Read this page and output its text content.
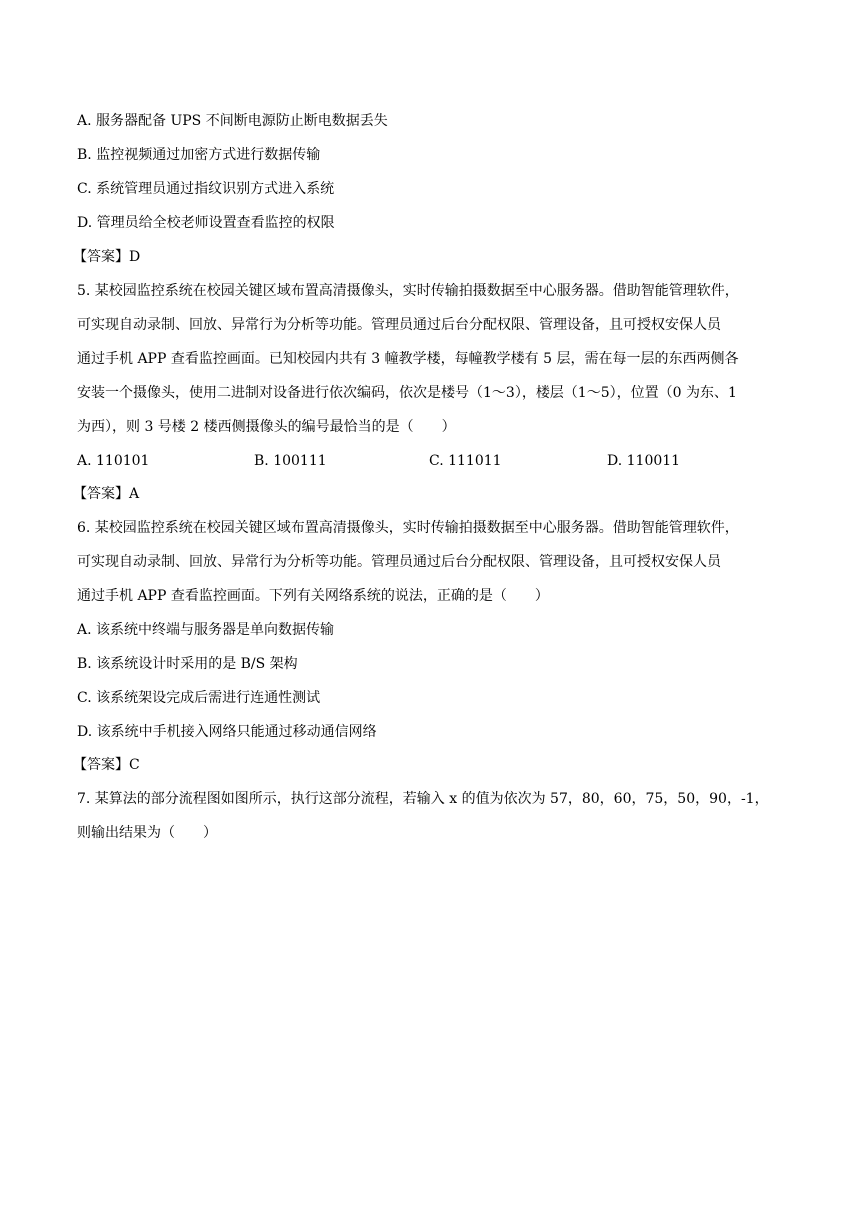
A. 服务器配备 UPS 不间断电源防止断电数据丢失
B. 监控视频通过加密方式进行数据传输
C. 系统管理员通过指纹识别方式进入系统
D. 管理员给全校老师设置查看监控的权限
【答案】D
5. 某校园监控系统在校园关键区域布置高清摄像头，实时传输拍摄数据至中心服务器。借助智能管理软件，
可实现自动录制、回放、异常行为分析等功能。管理员通过后台分配权限、管理设备，且可授权安保人员
通过手机 APP 查看监控画面。已知校园内共有 3 幢教学楼，每幢教学楼有 5 层，需在每一层的东西两侧各
安装一个摄像头，使用二进制对设备进行依次编码，依次是楼号（1～3），楼层（1～5），位置（0 为东、1
为西），则 3 号楼 2 楼西侧摄像头的编号最恰当的是（　　）
A. 110101	B. 100111	C. 111011	D. 110011
【答案】A
6. 某校园监控系统在校园关键区域布置高清摄像头，实时传输拍摄数据至中心服务器。借助智能管理软件，
可实现自动录制、回放、异常行为分析等功能。管理员通过后台分配权限、管理设备，且可授权安保人员
通过手机 APP 查看监控画面。下列有关网络系统的说法，正确的是（　　）
A. 该系统中终端与服务器是单向数据传输
B. 该系统设计时采用的是 B/S 架构
C. 该系统架设完成后需进行连通性测试
D. 该系统中手机接入网络只能通过移动通信网络
【答案】C
7. 某算法的部分流程图如图所示，执行这部分流程，若输入 x 的值为依次为 57，80，60，75，50，90，-1，
则输出结果为（　　）
